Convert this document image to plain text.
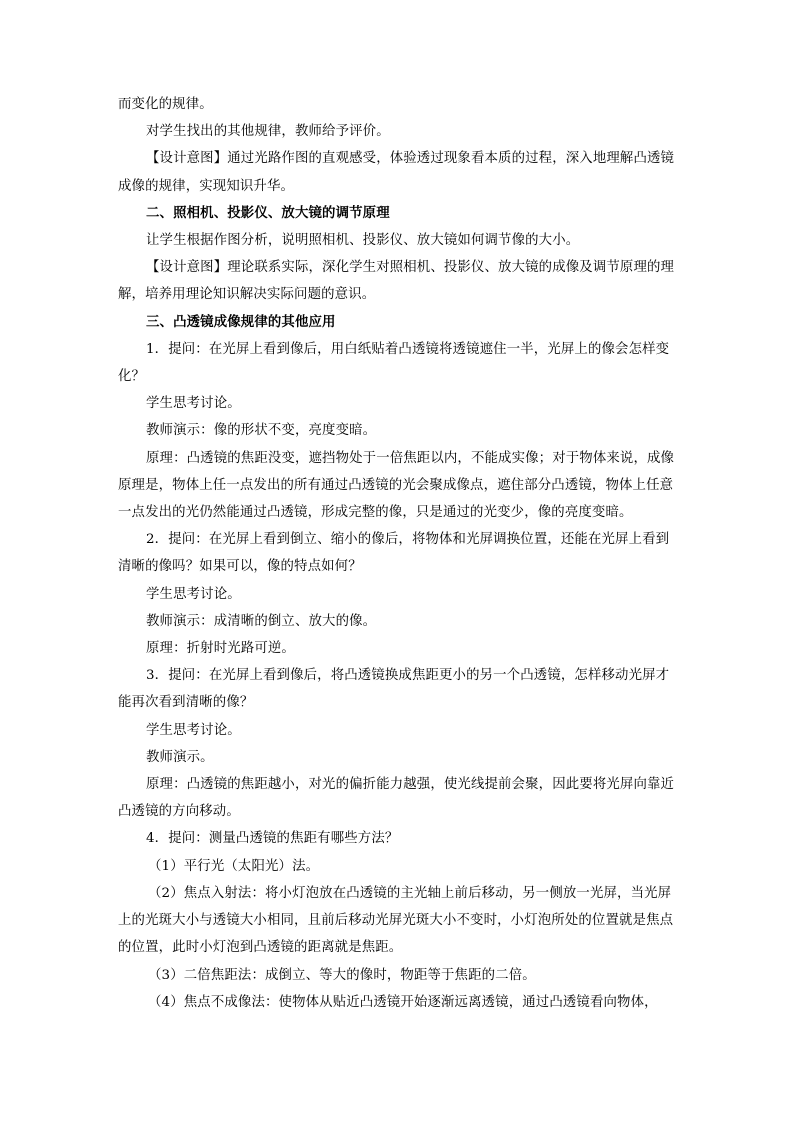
而变化的规律。

对学生找出的其他规律，教师给予评价。

【设计意图】通过光路作图的直观感受，体验透过现象看本质的过程，深入地理解凸透镜成像的规律，实现知识升华。

二、照相机、投影仪、放大镜的调节原理

让学生根据作图分析，说明照相机、投影仪、放大镜如何调节像的大小。

【设计意图】理论联系实际，深化学生对照相机、投影仪、放大镜的成像及调节原理的理解，培养用理论知识解决实际问题的意识。

三、凸透镜成像规律的其他应用

1．提问：在光屏上看到像后，用白纸贴着凸透镜将透镜遮住一半，光屏上的像会怎样变化？

学生思考讨论。

教师演示：像的形状不变，亮度变暗。

原理：凸透镜的焦距没变，遮挡物处于一倍焦距以内，不能成实像；对于物体来说，成像原理是，物体上任一点发出的所有通过凸透镜的光会聚成像点，遮住部分凸透镜，物体上任意一点发出的光仍然能通过凸透镜，形成完整的像，只是通过的光变少，像的亮度变暗。

2．提问：在光屏上看到倒立、缩小的像后，将物体和光屏调换位置，还能在光屏上看到清晰的像吗？如果可以，像的特点如何？

学生思考讨论。

教师演示：成清晰的倒立、放大的像。

原理：折射时光路可逆。

3．提问：在光屏上看到像后，将凸透镜换成焦距更小的另一个凸透镜，怎样移动光屏才能再次看到清晰的像？

学生思考讨论。

教师演示。

原理：凸透镜的焦距越小，对光的偏折能力越强，使光线提前会聚，因此要将光屏向靠近凸透镜的方向移动。

4．提问：测量凸透镜的焦距有哪些方法？

（1）平行光（太阳光）法。

（2）焦点入射法：将小灯泡放在凸透镜的主光轴上前后移动，另一侧放一光屏，当光屏上的光斑大小与透镜大小相同，且前后移动光屏光斑大小不变时，小灯泡所处的位置就是焦点的位置，此时小灯泡到凸透镜的距离就是焦距。

（3）二倍焦距法：成倒立、等大的像时，物距等于焦距的二倍。

（4）焦点不成像法：使物体从贴近凸透镜开始逐渐远离透镜，通过凸透镜看向物体，
